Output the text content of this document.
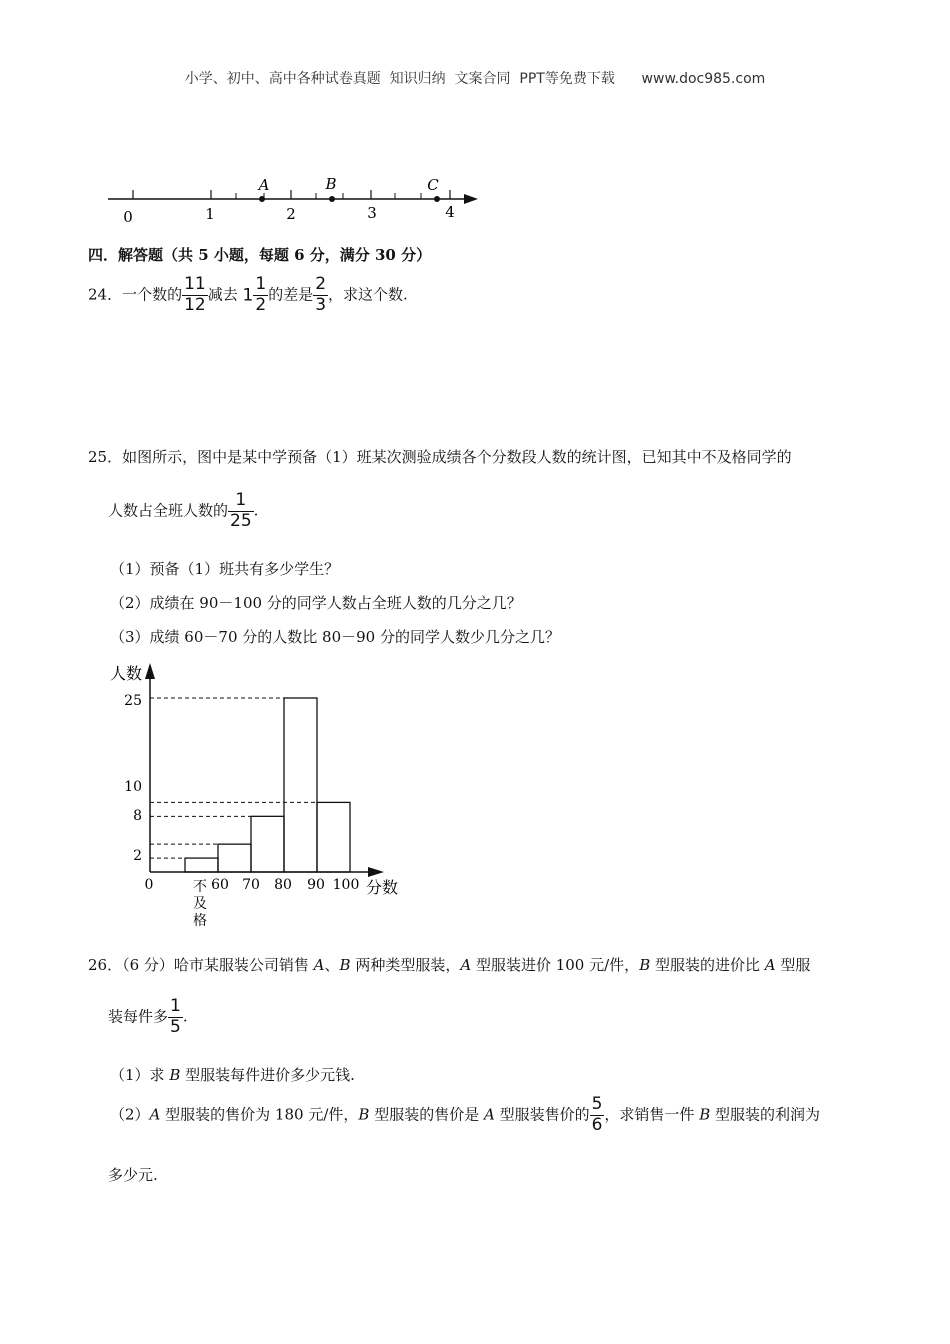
小学、初中、高中各种试卷真题  知识归纳  文案合同  PPT等免费下载 www.doc985.com
0	1	2	3	4
A	B	C
四．解答题（共 5 小题，每题 6 分，满分 30 分）
24．一个数的 $\frac{11}{12}$ 减去 $1 \frac{1}{2}$ 的差是 $\frac{2}{3}$ ，求这个数.
25．如图所示，图中是某中学预备（1）班某次测验成绩各个分数段人数的统计图，已知其中不及格同学的
人数占全班人数的 $\frac{1}{25}$ .
（1）预备（1）班共有多少学生？
（2）成绩在 90－100 分的同学人数占全班人数的几分之几？
（3）成绩 60－70 分的人数比 80－90 分的同学人数少几分之几？
人数
分数
0
2
8
10
25
不
及
格
60 70 80 90 100
26．（6 分）哈市某服装公司销售 A、B 两种类型服装，A 型服装进价 100 元/件，B 型服装的进价比 A 型服
装每件多 $\frac{1}{5}$ .
（1）求 B 型服装每件进价多少元钱.
（2）A 型服装的售价为 180 元/件，B 型服装的售价是 A 型服装售价的 $\frac{5}{6}$ ，求销售一件 B 型服装的利润为
多少元.
